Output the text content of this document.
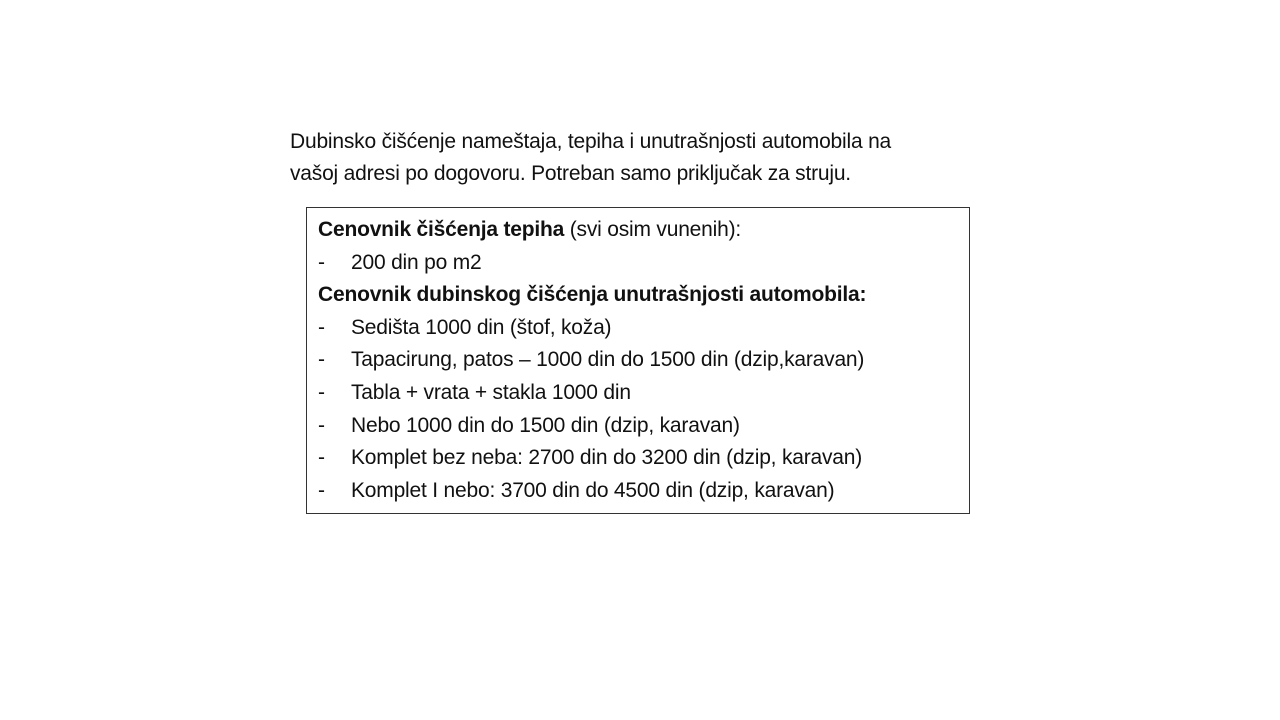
Dubinsko čišćenje nameštaja, tepiha i unutrašnjosti automobila na
vašoj adresi po dogovoru. Potreban samo priključak za struju.
Cenovnik čišćenja tepiha (svi osim vunenih):
-	200 din po m2
Cenovnik dubinskog čišćenja unutrašnjosti automobila:
-	Sedišta 1000 din (štof, koža)
-	Tapacirung, patos – 1000 din do 1500 din (dzip,karavan)
-	Tabla + vrata + stakla 1000 din
-	Nebo 1000 din do 1500 din (dzip, karavan)
-	Komplet bez neba: 2700 din do 3200 din (dzip, karavan)
-	Komplet I nebo: 3700 din do 4500 din (dzip, karavan)
